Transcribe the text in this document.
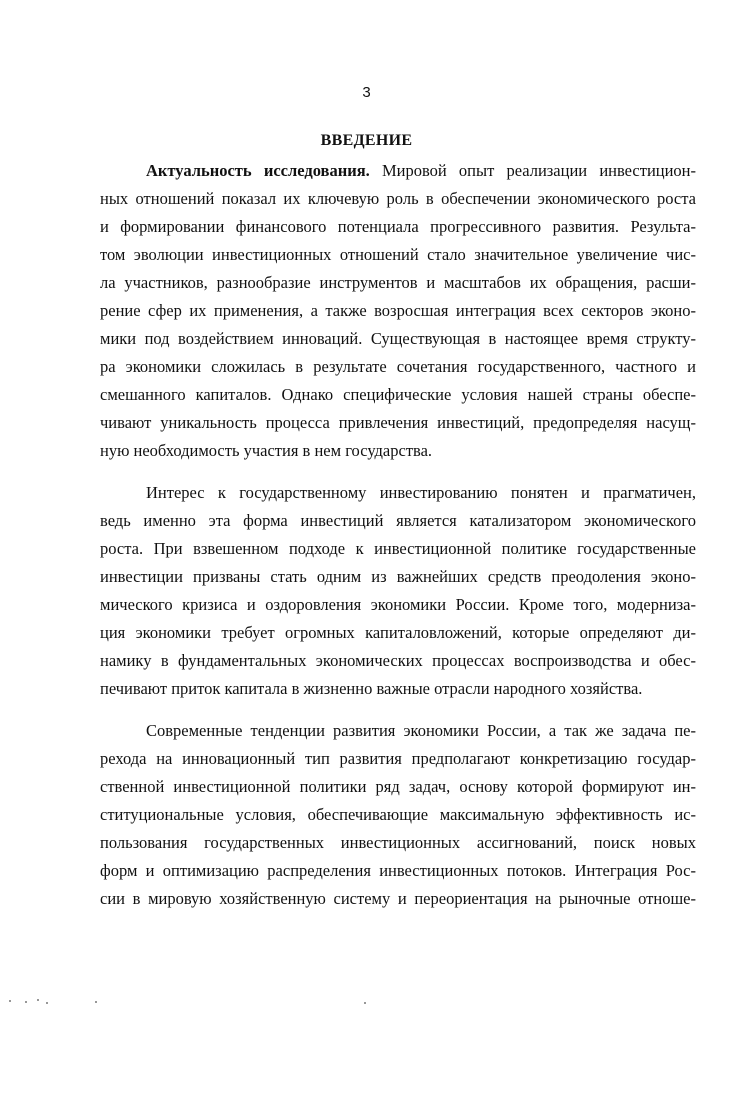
3
ВВЕДЕНИЕ
Актуальность исследования. Мировой опыт реализации инвестицион-
ных отношений показал их ключевую роль в обеспечении экономического роста
и формировании финансового потенциала прогрессивного развития. Результа-
том эволюции инвестиционных отношений стало значительное увеличение чис-
ла участников, разнообразие инструментов и масштабов их обращения, расши-
рение сфер их применения, а также возросшая интеграция всех секторов эконо-
мики под воздействием инноваций. Существующая в настоящее время структу-
ра экономики сложилась в результате сочетания государственного, частного и
смешанного капиталов. Однако специфические условия нашей страны обеспе-
чивают уникальность процесса привлечения инвестиций, предопределяя насущ-
ную необходимость участия в нем государства.
Интерес к государственному инвестированию понятен и прагматичен,
ведь именно эта форма инвестиций является катализатором экономического
роста. При взвешенном подходе к инвестиционной политике государственные
инвестиции призваны стать одним из важнейших средств преодоления эконо-
мического кризиса и оздоровления экономики России. Кроме того, модерниза-
ция экономики требует огромных капиталовложений, которые определяют ди-
намику в фундаментальных экономических процессах воспроизводства и обес-
печивают приток капитала в жизненно важные отрасли народного хозяйства.
Современные тенденции развития экономики России, а так же задача пе-
рехода на инновационный тип развития предполагают конкретизацию государ-
ственной инвестиционной политики ряд задач, основу которой формируют ин-
ституциональные условия, обеспечивающие максимальную эффективность ис-
пользования государственных инвестиционных ассигнований, поиск новых
форм и оптимизацию распределения инвестиционных потоков. Интеграция Рос-
сии в мировую хозяйственную систему и переориентация на рыночные отноше-
